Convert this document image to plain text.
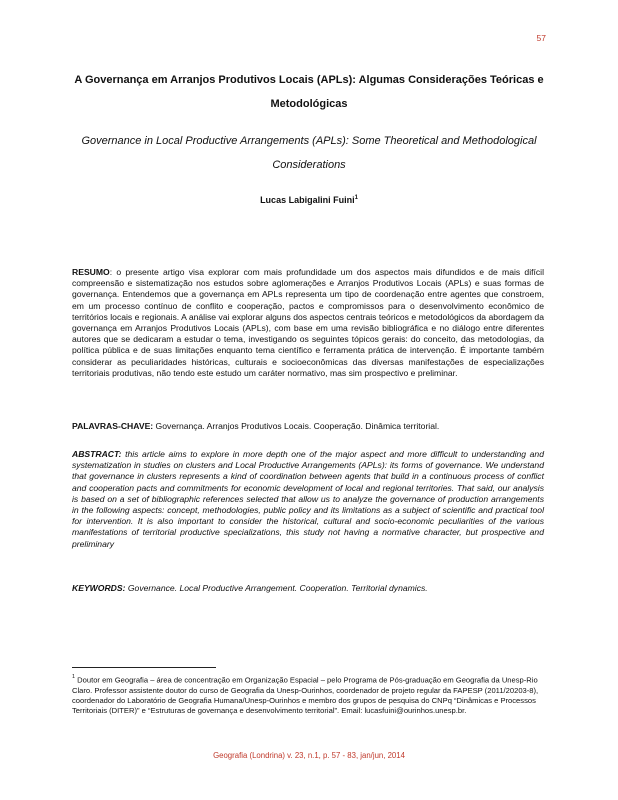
57
A Governança em Arranjos Produtivos Locais (APLs): Algumas Considerações Teóricas e Metodológicas
Governance in Local Productive Arrangements (APLs): Some Theoretical and Methodological Considerations
Lucas Labigalini Fuini$^1$
RESUMO: o presente artigo visa explorar com mais profundidade um dos aspectos mais difundidos e de mais difícil compreensão e sistematização nos estudos sobre aglomerações e Arranjos Produtivos Locais (APLs) e suas formas de governança. Entendemos que a governança em APLs representa um tipo de coordenação entre agentes que constroem, em um processo contínuo de conflito e cooperação, pactos e compromissos para o desenvolvimento econômico de territórios locais e regionais. A análise vai explorar alguns dos aspectos centrais teóricos e metodológicos da abordagem da governança em Arranjos Produtivos Locais (APLs), com base em uma revisão bibliográfica e no diálogo entre diferentes autores que se dedicaram a estudar o tema, investigando os seguintes tópicos gerais: do conceito, das metodologias, da política pública e de suas limitações enquanto tema científico e ferramenta prática de intervenção. É importante também considerar as peculiaridades históricas, culturais e socioeconômicas das diversas manifestações de especializações territoriais produtivas, não tendo este estudo um caráter normativo, mas sim prospectivo e preliminar.
PALAVRAS-CHAVE: Governança. Arranjos Produtivos Locais. Cooperação. Dinâmica territorial.
ABSTRACT: this article aims to explore in more depth one of the major aspect and more difficult to understanding and systematization in studies on clusters and Local Productive Arrangements (APLs): its forms of governance. We understand that governance in clusters represents a kind of coordination between agents that build in a continuous process of conflict and cooperation pacts and commitments for economic development of local and regional territories. That said, our analysis is based on a set of bibliographic references selected that allow us to analyze the governance of production arrangements in the following aspects: concept, methodologies, public policy and its limitations as a subject of scientific and practical tool for intervention. It is also important to consider the historical, cultural and socio-economic peculiarities of the various manifestations of territorial productive specializations, this study not having a normative character, but prospective and preliminary
KEYWORDS: Governance. Local Productive Arrangement. Cooperation. Territorial dynamics.
$^1$ Doutor em Geografia – área de concentração em Organização Espacial – pelo Programa de Pós-graduação em Geografia da Unesp-Rio Claro. Professor assistente doutor do curso de Geografia da Unesp-Ourinhos, coordenador de projeto regular da FAPESP (2011/20203-8), coordenador do Laboratório de Geografia Humana/Unesp-Ourinhos e membro dos grupos de pesquisa do CNPq “Dinâmicas e Processos Territoriais (DITER)” e “Estruturas de governança e desenvolvimento territorial”. Email: lucasfuini@ourinhos.unesp.br.
Geografia (Londrina) v. 23, n.1, p. 57 - 83, jan/jun, 2014
